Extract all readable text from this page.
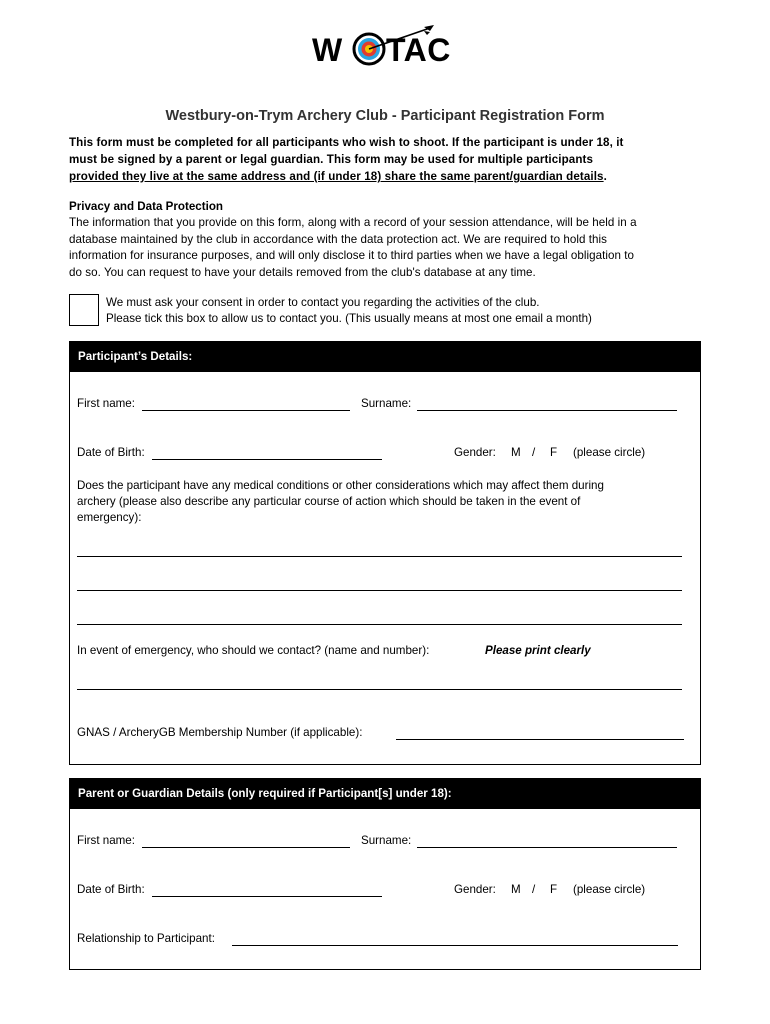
W TAC
Westbury-on-Trym Archery Club - Participant Registration Form
This form must be completed for all participants who wish to shoot. If the participant is under 18, it
must be signed by a parent or legal guardian. This form may be used for multiple participants
provided they live at the same address and (if under 18) share the same parent/guardian details.
Privacy and Data Protection
The information that you provide on this form, along with a record of your session attendance, will be held in a
database maintained by the club in accordance with the data protection act. We are required to hold this
information for insurance purposes, and will only disclose it to third parties when we have a legal obligation to
do so. You can request to have your details removed from the club's database at any time.
We must ask your consent in order to contact you regarding the activities of the club.
Please tick this box to allow us to contact you. (This usually means at most one email a month)
Participant’s Details:
First name:	Surname:
Date of Birth:	Gender: M / F (please circle)
Does the participant have any medical conditions or other considerations which may affect them during
archery (please also describe any particular course of action which should be taken in the event of
emergency):
In event of emergency, who should we contact? (name and number):	Please print clearly
GNAS / ArcheryGB Membership Number (if applicable):
Parent or Guardian Details (only required if Participant[s] under 18):
First name:	Surname:
Date of Birth:	Gender: M / F (please circle)
Relationship to Participant:
